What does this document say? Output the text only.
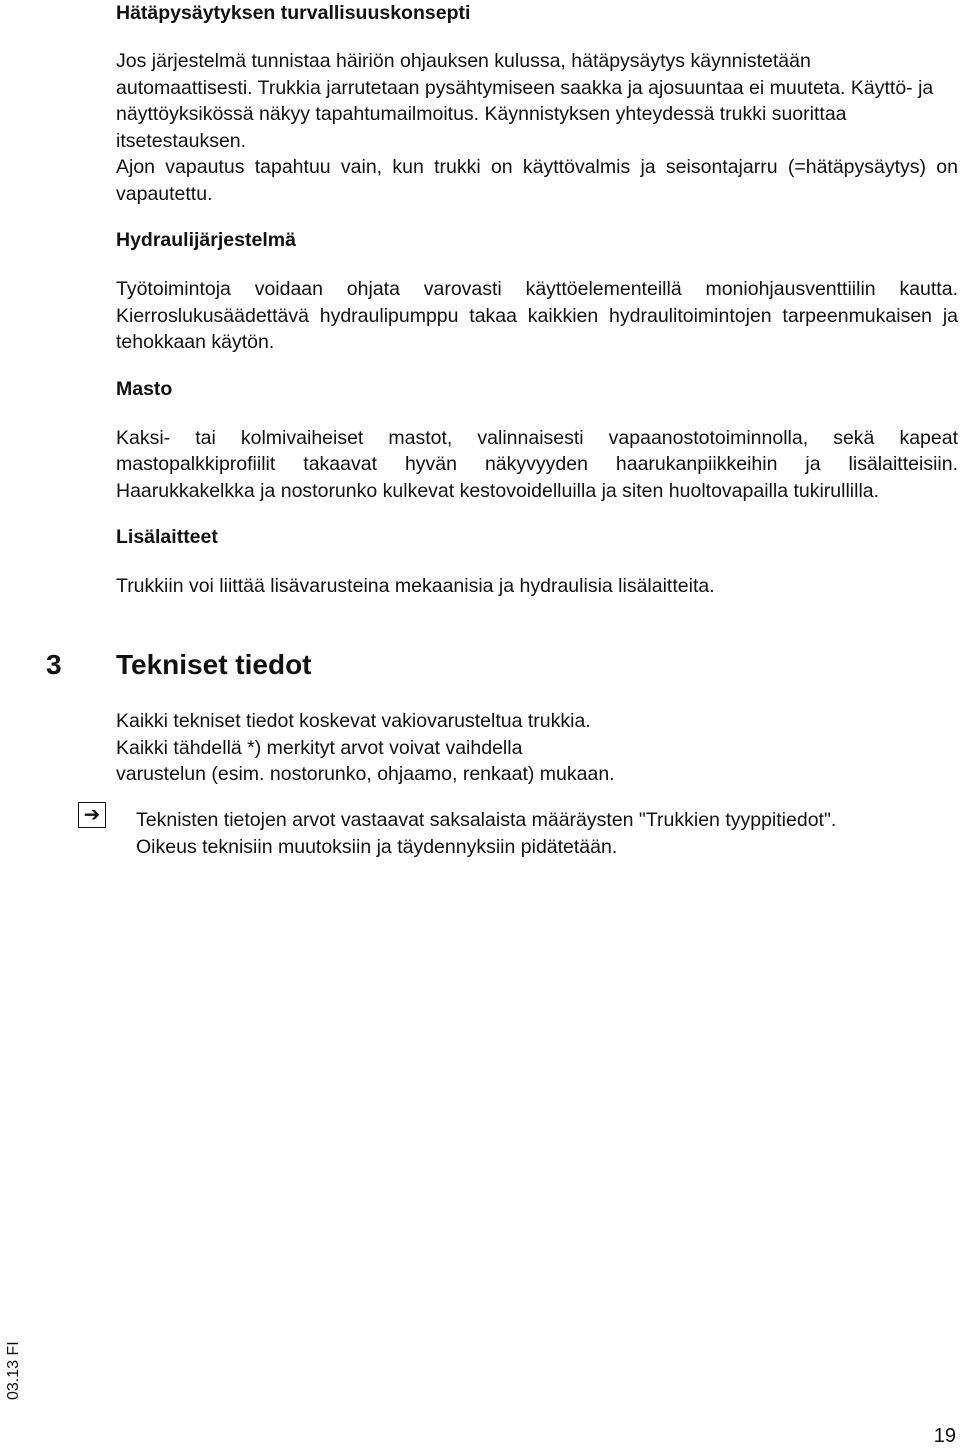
Hätäpysäytyksen turvallisuuskonsepti

Jos järjestelmä tunnistaa häiriön ohjauksen kulussa, hätäpysäytys käynnistetään automaattisesti. Trukkia jarrutetaan pysähtymiseen saakka ja ajosuuntaa ei muuteta. Käyttö- ja näyttöyksikössä näkyy tapahtumailmoitus. Käynnistyksen yhteydessä trukki suorittaa itsetestauksen.

Ajon vapautus tapahtuu vain, kun trukki on käyttövalmis ja seisontajarru (=hätäpysäytys) on vapautettu.

Hydraulijärjestelmä

Työtoimintoja voidaan ohjata varovasti käyttöelementeillä moniohjausventtiilin kautta. Kierroslukusäädettävä hydraulipumppu takaa kaikkien hydraulitoimintojen tarpeenmukaisen ja tehokkaan käytön.

Masto

Kaksi- tai kolmivaiheiset mastot, valinnaisesti vapaanostotoiminnolla, sekä kapeat mastopalkkiprofiilit takaavat hyvän näkyvyyden haarukanpiikkeihin ja lisälaitteisiin. Haarukkakelkka ja nostorunko kulkevat kestovoidelluilla ja siten huoltovapailla tukirullilla.

Lisälaitteet

Trukkiin voi liittää lisävarusteina mekaanisia ja hydraulisia lisälaitteita.

3	Tekniset tiedot

Kaikki tekniset tiedot koskevat vakiovarusteltua trukkia.

Kaikki tähdellä *) merkityt arvot voivat vaihdella

varustelun (esim. nostorunko, ohjaamo, renkaat) mukaan.

➔ Teknisten tietojen arvot vastaavat saksalaista määräysten "Trukkien tyyppitiedot".

Oikeus teknisiin muutoksiin ja täydennyksiin pidätetään.

03.13 FI
19
